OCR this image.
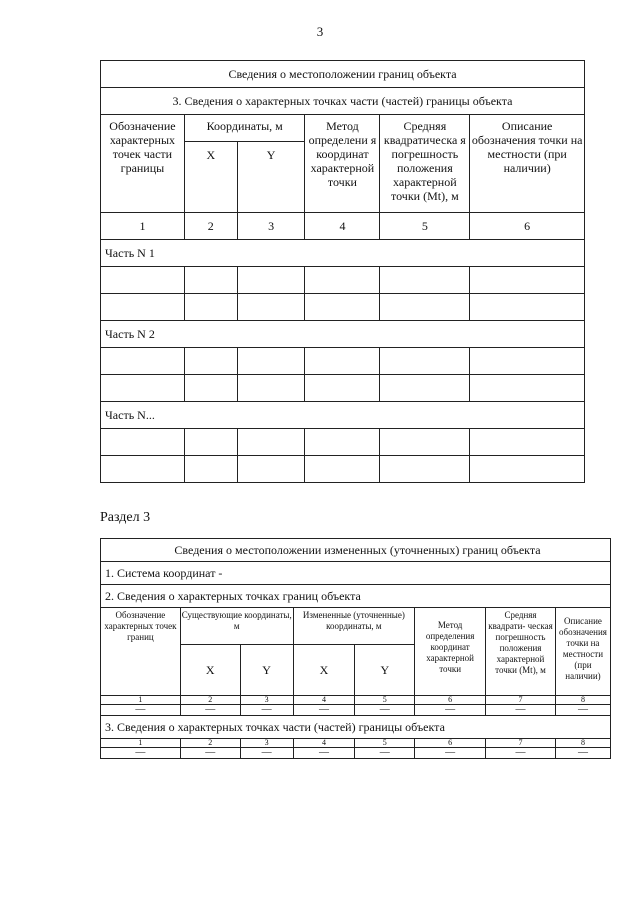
3
Сведения о местоположении границ объекта					
3. Сведения о характерных точках части (частей) границы объекта					
Обозначение характерных точек части границы	Координаты, м		Метод определени я координат характерной точки	Средняя квадратическа я погрешность положения характерной точки (Mt), м	Описание обозначения точки на местности (при наличии)
	X	Y			
1	2	3	4	5	6
Часть N 1					

Часть N 2					

Часть N...					

Раздел 3
Сведения о местоположении измененных (уточненных) границ объекта							
1. Система координат -							
2. Сведения о характерных точках границ объекта							
Обозначение характерных точек границ	Существующие координаты, м		Измененные (уточненные) координаты, м		Метод определения координат характерной точки	Средняя квадрати- ческая погрешность положения характерной точки (Mt), м	Описание обозначения точки на местности (при наличии)
	X	Y	X	Y			
1	2	3	4	5	6	7	8
—	—	—	—	—	—	—	—
3. Сведения о характерных точках части (частей) границы объекта							
1	2	3	4	5	6	7	8
—	—	—	—	—	—	—	—
